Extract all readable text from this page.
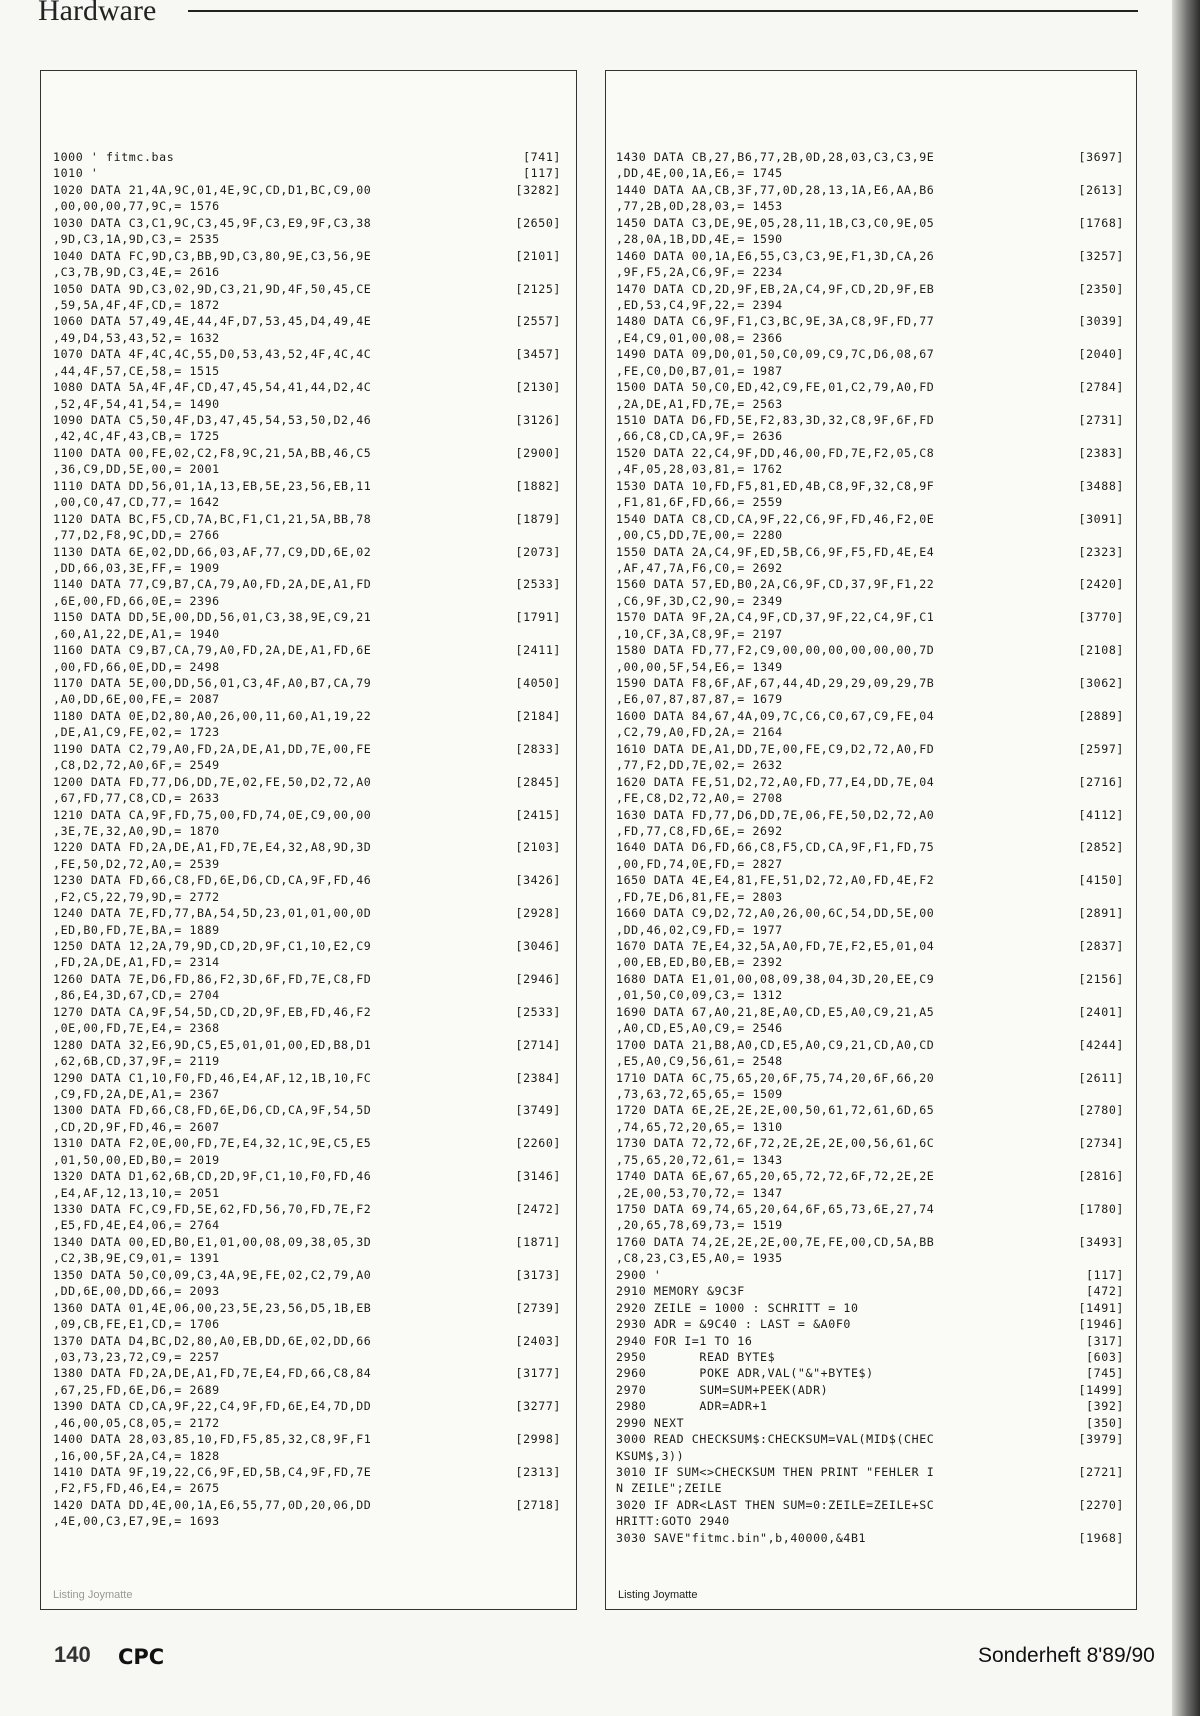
Hardware
1000 ' fitmc.bas	[741]
1010 '	[117]
1020 DATA 21,4A,9C,01,4E,9C,CD,D1,BC,C9,00	[3282]
,00,00,00,77,9C,= 1576
1030 DATA C3,C1,9C,C3,45,9F,C3,E9,9F,C3,38	[2650]
,9D,C3,1A,9D,C3,= 2535
1040 DATA FC,9D,C3,BB,9D,C3,80,9E,C3,56,9E	[2101]
,C3,7B,9D,C3,4E,= 2616
1050 DATA 9D,C3,02,9D,C3,21,9D,4F,50,45,CE	[2125]
,59,5A,4F,4F,CD,= 1872
1060 DATA 57,49,4E,44,4F,D7,53,45,D4,49,4E	[2557]
,49,D4,53,43,52,= 1632
1070 DATA 4F,4C,4C,55,D0,53,43,52,4F,4C,4C	[3457]
,44,4F,57,CE,58,= 1515
1080 DATA 5A,4F,4F,CD,47,45,54,41,44,D2,4C	[2130]
,52,4F,54,41,54,= 1490
1090 DATA C5,50,4F,D3,47,45,54,53,50,D2,46	[3126]
,42,4C,4F,43,CB,= 1725
1100 DATA 00,FE,02,C2,F8,9C,21,5A,BB,46,C5	[2900]
,36,C9,DD,5E,00,= 2001
1110 DATA DD,56,01,1A,13,EB,5E,23,56,EB,11	[1882]
,00,C0,47,CD,77,= 1642
1120 DATA BC,F5,CD,7A,BC,F1,C1,21,5A,BB,78	[1879]
,77,D2,F8,9C,DD,= 2766
1130 DATA 6E,02,DD,66,03,AF,77,C9,DD,6E,02	[2073]
,DD,66,03,3E,FF,= 1909
1140 DATA 77,C9,B7,CA,79,A0,FD,2A,DE,A1,FD	[2533]
,6E,00,FD,66,0E,= 2396
1150 DATA DD,5E,00,DD,56,01,C3,38,9E,C9,21	[1791]
,60,A1,22,DE,A1,= 1940
1160 DATA C9,B7,CA,79,A0,FD,2A,DE,A1,FD,6E	[2411]
,00,FD,66,0E,DD,= 2498
1170 DATA 5E,00,DD,56,01,C3,4F,A0,B7,CA,79	[4050]
,A0,DD,6E,00,FE,= 2087
1180 DATA 0E,D2,80,A0,26,00,11,60,A1,19,22	[2184]
,DE,A1,C9,FE,02,= 1723
1190 DATA C2,79,A0,FD,2A,DE,A1,DD,7E,00,FE	[2833]
,C8,D2,72,A0,6F,= 2549
1200 DATA FD,77,D6,DD,7E,02,FE,50,D2,72,A0	[2845]
,67,FD,77,C8,CD,= 2633
1210 DATA CA,9F,FD,75,00,FD,74,0E,C9,00,00	[2415]
,3E,7E,32,A0,9D,= 1870
1220 DATA FD,2A,DE,A1,FD,7E,E4,32,A8,9D,3D	[2103]
,FE,50,D2,72,A0,= 2539
1230 DATA FD,66,C8,FD,6E,D6,CD,CA,9F,FD,46	[3426]
,F2,C5,22,79,9D,= 2772
1240 DATA 7E,FD,77,BA,54,5D,23,01,01,00,0D	[2928]
,ED,B0,FD,7E,BA,= 1889
1250 DATA 12,2A,79,9D,CD,2D,9F,C1,10,E2,C9	[3046]
,FD,2A,DE,A1,FD,= 2314
1260 DATA 7E,D6,FD,86,F2,3D,6F,FD,7E,C8,FD	[2946]
,86,E4,3D,67,CD,= 2704
1270 DATA CA,9F,54,5D,CD,2D,9F,EB,FD,46,F2	[2533]
,0E,00,FD,7E,E4,= 2368
1280 DATA 32,E6,9D,C5,E5,01,01,00,ED,B8,D1	[2714]
,62,6B,CD,37,9F,= 2119
1290 DATA C1,10,F0,FD,46,E4,AF,12,1B,10,FC	[2384]
,C9,FD,2A,DE,A1,= 2367
1300 DATA FD,66,C8,FD,6E,D6,CD,CA,9F,54,5D	[3749]
,CD,2D,9F,FD,46,= 2607
1310 DATA F2,0E,00,FD,7E,E4,32,1C,9E,C5,E5	[2260]
,01,50,00,ED,B0,= 2019
1320 DATA D1,62,6B,CD,2D,9F,C1,10,F0,FD,46	[3146]
,E4,AF,12,13,10,= 2051
1330 DATA FC,C9,FD,5E,62,FD,56,70,FD,7E,F2	[2472]
,E5,FD,4E,E4,06,= 2764
1340 DATA 00,ED,B0,E1,01,00,08,09,38,05,3D	[1871]
,C2,3B,9E,C9,01,= 1391
1350 DATA 50,C0,09,C3,4A,9E,FE,02,C2,79,A0	[3173]
,DD,6E,00,DD,66,= 2093
1360 DATA 01,4E,06,00,23,5E,23,56,D5,1B,EB	[2739]
,09,CB,FE,E1,CD,= 1706
1370 DATA D4,BC,D2,80,A0,EB,DD,6E,02,DD,66	[2403]
,03,73,23,72,C9,= 2257
1380 DATA FD,2A,DE,A1,FD,7E,E4,FD,66,C8,84	[3177]
,67,25,FD,6E,D6,= 2689
1390 DATA CD,CA,9F,22,C4,9F,FD,6E,E4,7D,DD	[3277]
,46,00,05,C8,05,= 2172
1400 DATA 28,03,85,10,FD,F5,85,32,C8,9F,F1	[2998]
,16,00,5F,2A,C4,= 1828
1410 DATA 9F,19,22,C6,9F,ED,5B,C4,9F,FD,7E	[2313]
,F2,F5,FD,46,E4,= 2675
1420 DATA DD,4E,00,1A,E6,55,77,0D,20,06,DD	[2718]
,4E,00,C3,E7,9E,= 1693
Listing Joymatte
1430 DATA CB,27,B6,77,2B,0D,28,03,C3,C3,9E	[3697]
,DD,4E,00,1A,E6,= 1745
1440 DATA AA,CB,3F,77,0D,28,13,1A,E6,AA,B6	[2613]
,77,2B,0D,28,03,= 1453
1450 DATA C3,DE,9E,05,28,11,1B,C3,C0,9E,05	[1768]
,28,0A,1B,DD,4E,= 1590
1460 DATA 00,1A,E6,55,C3,C3,9E,F1,3D,CA,26	[3257]
,9F,F5,2A,C6,9F,= 2234
1470 DATA CD,2D,9F,EB,2A,C4,9F,CD,2D,9F,EB	[2350]
,ED,53,C4,9F,22,= 2394
1480 DATA C6,9F,F1,C3,BC,9E,3A,C8,9F,FD,77	[3039]
,E4,C9,01,00,08,= 2366
1490 DATA 09,D0,01,50,C0,09,C9,7C,D6,08,67	[2040]
,FE,C0,D0,B7,01,= 1987
1500 DATA 50,C0,ED,42,C9,FE,01,C2,79,A0,FD	[2784]
,2A,DE,A1,FD,7E,= 2563
1510 DATA D6,FD,5E,F2,83,3D,32,C8,9F,6F,FD	[2731]
,66,C8,CD,CA,9F,= 2636
1520 DATA 22,C4,9F,DD,46,00,FD,7E,F2,05,C8	[2383]
,4F,05,28,03,81,= 1762
1530 DATA 10,FD,F5,81,ED,4B,C8,9F,32,C8,9F	[3488]
,F1,81,6F,FD,66,= 2559
1540 DATA C8,CD,CA,9F,22,C6,9F,FD,46,F2,0E	[3091]
,00,C5,DD,7E,00,= 2280
1550 DATA 2A,C4,9F,ED,5B,C6,9F,F5,FD,4E,E4	[2323]
,AF,47,7A,F6,C0,= 2692
1560 DATA 57,ED,B0,2A,C6,9F,CD,37,9F,F1,22	[2420]
,C6,9F,3D,C2,90,= 2349
1570 DATA 9F,2A,C4,9F,CD,37,9F,22,C4,9F,C1	[3770]
,10,CF,3A,C8,9F,= 2197
1580 DATA FD,77,F2,C9,00,00,00,00,00,00,7D	[2108]
,00,00,5F,54,E6,= 1349
1590 DATA F8,6F,AF,67,44,4D,29,29,09,29,7B	[3062]
,E6,07,87,87,87,= 1679
1600 DATA 84,67,4A,09,7C,C6,C0,67,C9,FE,04	[2889]
,C2,79,A0,FD,2A,= 2164
1610 DATA DE,A1,DD,7E,00,FE,C9,D2,72,A0,FD	[2597]
,77,F2,DD,7E,02,= 2632
1620 DATA FE,51,D2,72,A0,FD,77,E4,DD,7E,04	[2716]
,FE,C8,D2,72,A0,= 2708
1630 DATA FD,77,D6,DD,7E,06,FE,50,D2,72,A0	[4112]
,FD,77,C8,FD,6E,= 2692
1640 DATA D6,FD,66,C8,F5,CD,CA,9F,F1,FD,75	[2852]
,00,FD,74,0E,FD,= 2827
1650 DATA 4E,E4,81,FE,51,D2,72,A0,FD,4E,F2	[4150]
,FD,7E,D6,81,FE,= 2803
1660 DATA C9,D2,72,A0,26,00,6C,54,DD,5E,00	[2891]
,DD,46,02,C9,FD,= 1977
1670 DATA 7E,E4,32,5A,A0,FD,7E,F2,E5,01,04	[2837]
,00,EB,ED,B0,EB,= 2392
1680 DATA E1,01,00,08,09,38,04,3D,20,EE,C9	[2156]
,01,50,C0,09,C3,= 1312
1690 DATA 67,A0,21,8E,A0,CD,E5,A0,C9,21,A5	[2401]
,A0,CD,E5,A0,C9,= 2546
1700 DATA 21,B8,A0,CD,E5,A0,C9,21,CD,A0,CD	[4244]
,E5,A0,C9,56,61,= 2548
1710 DATA 6C,75,65,20,6F,75,74,20,6F,66,20	[2611]
,73,63,72,65,65,= 1509
1720 DATA 6E,2E,2E,2E,00,50,61,72,61,6D,65	[2780]
,74,65,72,20,65,= 1310
1730 DATA 72,72,6F,72,2E,2E,2E,00,56,61,6C	[2734]
,75,65,20,72,61,= 1343
1740 DATA 6E,67,65,20,65,72,72,6F,72,2E,2E	[2816]
,2E,00,53,70,72,= 1347
1750 DATA 69,74,65,20,64,6F,65,73,6E,27,74	[1780]
,20,65,78,69,73,= 1519
1760 DATA 74,2E,2E,2E,00,7E,FE,00,CD,5A,BB	[3493]
,C8,23,C3,E5,A0,= 1935
2900 '	[117]
2910 MEMORY &9C3F	[472]
2920 ZEILE = 1000 : SCHRITT = 10	[1491]
2930 ADR = &9C40 : LAST = &A0F0	[1946]
2940 FOR I=1 TO 16	[317]
2950       READ BYTE$	[603]
2960       POKE ADR,VAL("&"+BYTE$)	[745]
2970       SUM=SUM+PEEK(ADR)	[1499]
2980       ADR=ADR+1	[392]
2990 NEXT	[350]
3000 READ CHECKSUM$:CHECKSUM=VAL(MID$(CHEC	[3979]
KSUM$,3))
3010 IF SUM<>CHECKSUM THEN PRINT "FEHLER I	[2721]
N ZEILE";ZEILE
3020 IF ADR<LAST THEN SUM=0:ZEILE=ZEILE+SC	[2270]
HRITT:GOTO 2940
3030 SAVE"fitmc.bin",b,40000,&4B1	[1968]
Listing Joymatte
140 CPC	Sonderheft 8'89/90
